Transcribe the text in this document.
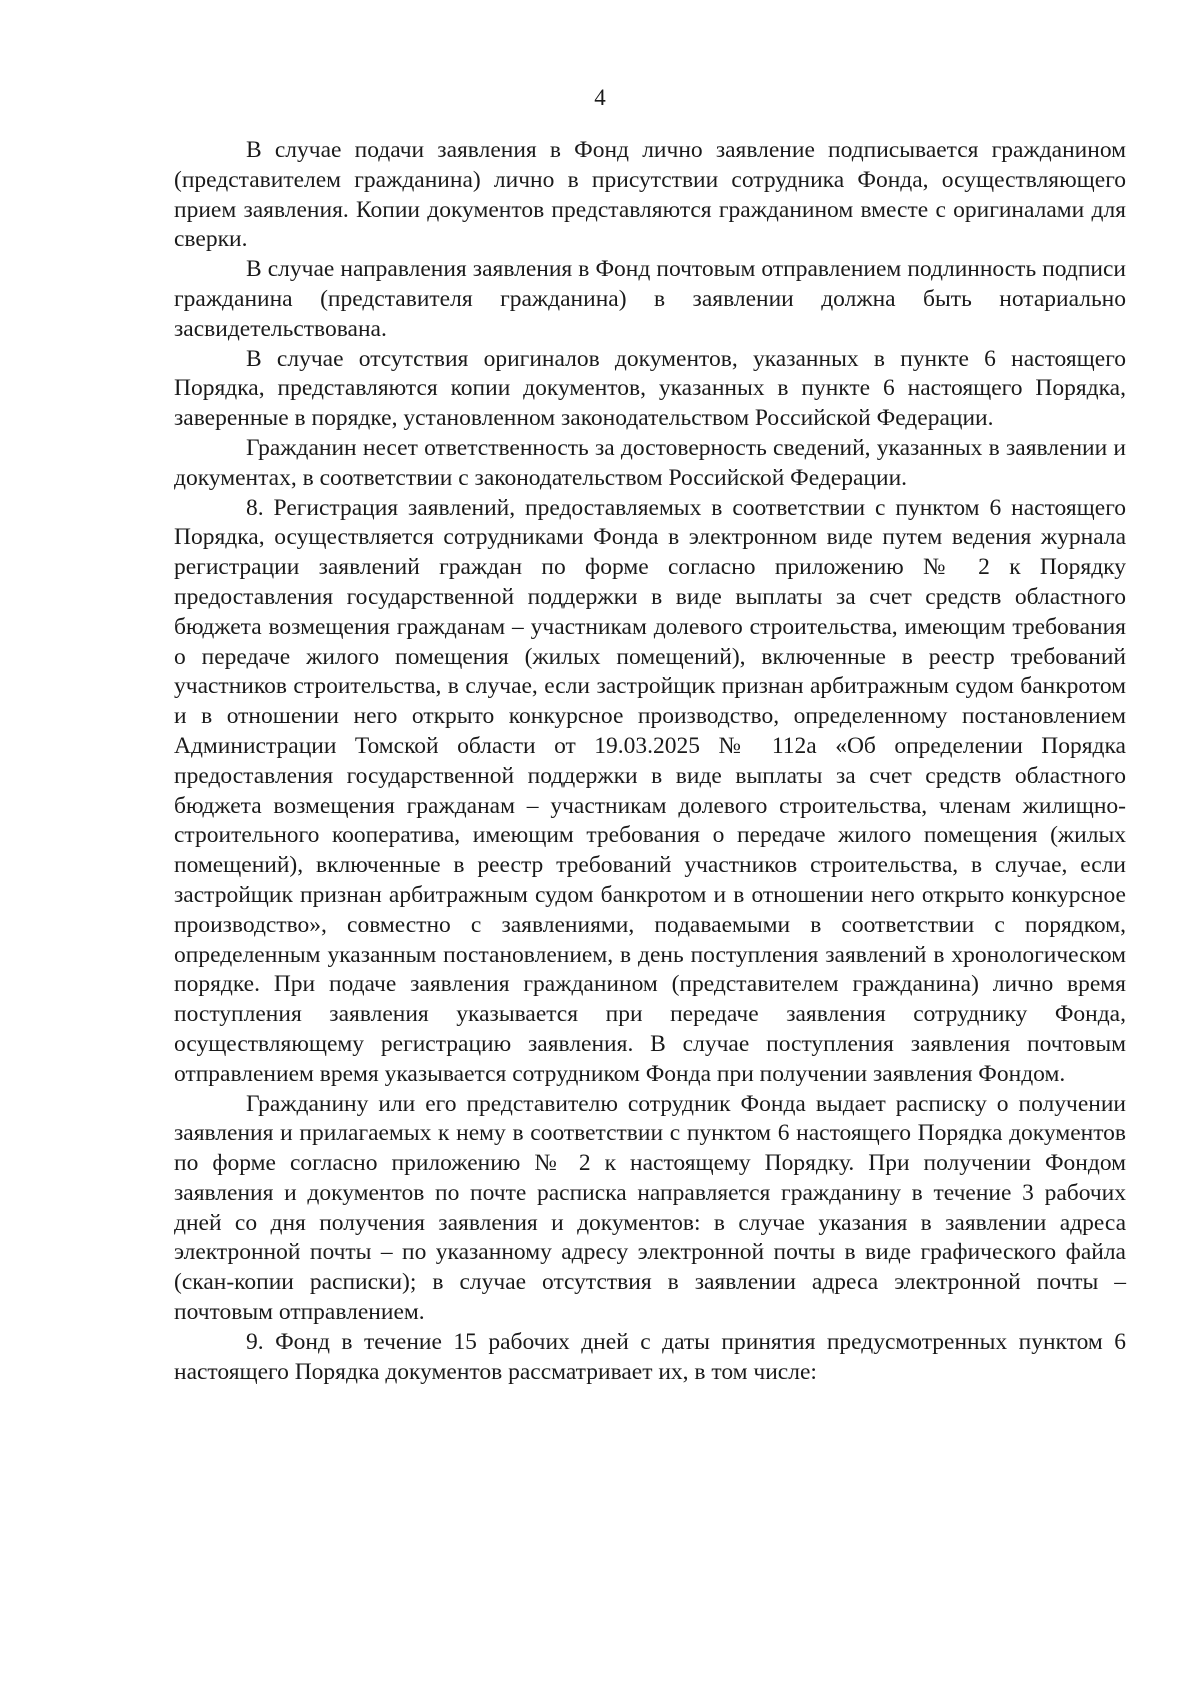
4

В случае подачи заявления в Фонд лично заявление подписывается гражданином (представителем гражданина) лично в присутствии сотрудника Фонда, осуществляющего прием заявления. Копии документов представляются гражданином вместе с оригиналами для сверки.

В случае направления заявления в Фонд почтовым отправлением подлинность подписи гражданина (представителя гражданина) в заявлении должна быть нотариально засвидетельствована.

В случае отсутствия оригиналов документов, указанных в пункте 6 настоящего Порядка, представляются копии документов, указанных в пункте 6 настоящего Порядка, заверенные в порядке, установленном законодательством Российской Федерации.

Гражданин несет ответственность за достоверность сведений, указанных в заявлении и документах, в соответствии с законодательством Российской Федерации.

8. Регистрация заявлений, предоставляемых в соответствии с пунктом 6 настоящего Порядка, осуществляется сотрудниками Фонда в электронном виде путем ведения журнала регистрации заявлений граждан по форме согласно приложению № 2 к Порядку предоставления государственной поддержки в виде выплаты за счет средств областного бюджета возмещения гражданам – участникам долевого строительства, имеющим требования о передаче жилого помещения (жилых помещений), включенные в реестр требований участников строительства, в случае, если застройщик признан арбитражным судом банкротом и в отношении него открыто конкурсное производство, определенному постановлением Администрации Томской области от 19.03.2025 № 112а «Об определении Порядка предоставления государственной поддержки в виде выплаты за счет средств областного бюджета возмещения гражданам – участникам долевого строительства, членам жилищно-строительного кооператива, имеющим требования о передаче жилого помещения (жилых помещений), включенные в реестр требований участников строительства, в случае, если застройщик признан арбитражным судом банкротом и в отношении него открыто конкурсное производство», совместно с заявлениями, подаваемыми в соответствии с порядком, определенным указанным постановлением, в день поступления заявлений в хронологическом порядке. При подаче заявления гражданином (представителем гражданина) лично время поступления заявления указывается при передаче заявления сотруднику Фонда, осуществляющему регистрацию заявления. В случае поступления заявления почтовым отправлением время указывается сотрудником Фонда при получении заявления Фондом.

Гражданину или его представителю сотрудник Фонда выдает расписку о получении заявления и прилагаемых к нему в соответствии с пунктом 6 настоящего Порядка документов по форме согласно приложению № 2 к настоящему Порядку. При получении Фондом заявления и документов по почте расписка направляется гражданину в течение 3 рабочих дней со дня получения заявления и документов: в случае указания в заявлении адреса электронной почты – по указанному адресу электронной почты в виде графического файла (скан-копии расписки); в случае отсутствия в заявлении адреса электронной почты – почтовым отправлением.

9. Фонд в течение 15 рабочих дней с даты принятия предусмотренных пунктом 6 настоящего Порядка документов рассматривает их, в том числе:
